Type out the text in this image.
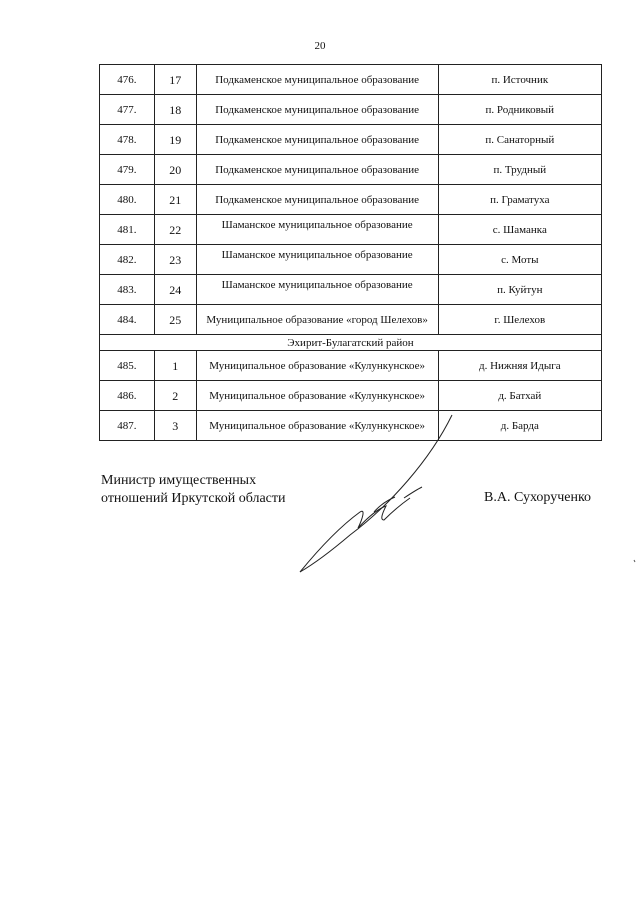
20
476.	17	Подкаменское муниципальное образование	п. Источник
477.	18	Подкаменское муниципальное образование	п. Родниковый
478.	19	Подкаменское муниципальное образование	п. Санаторный
479.	20	Подкаменское муниципальное образование	п. Трудный
480.	21	Подкаменское муниципальное образование	п. Граматуха
481.	22	Шаманское муниципальное образование	с. Шаманка
482.	23	Шаманское муниципальное образование	с. Моты
483.	24	Шаманское муниципальное образование	п. Куйтун
484.	25	Муниципальное образование «город Шелехов»	г. Шелехов
Эхирит-Булагатский район			
485.	1	Муниципальное образование «Кулункунское»	д. Нижняя Идыга
486.	2	Муниципальное образование «Кулункунское»	д. Батхай
487.	3	Муниципальное образование «Кулункунское»	д. Барда
Министр имущественных
отношений Иркутской области	В.А. Сухорученко
